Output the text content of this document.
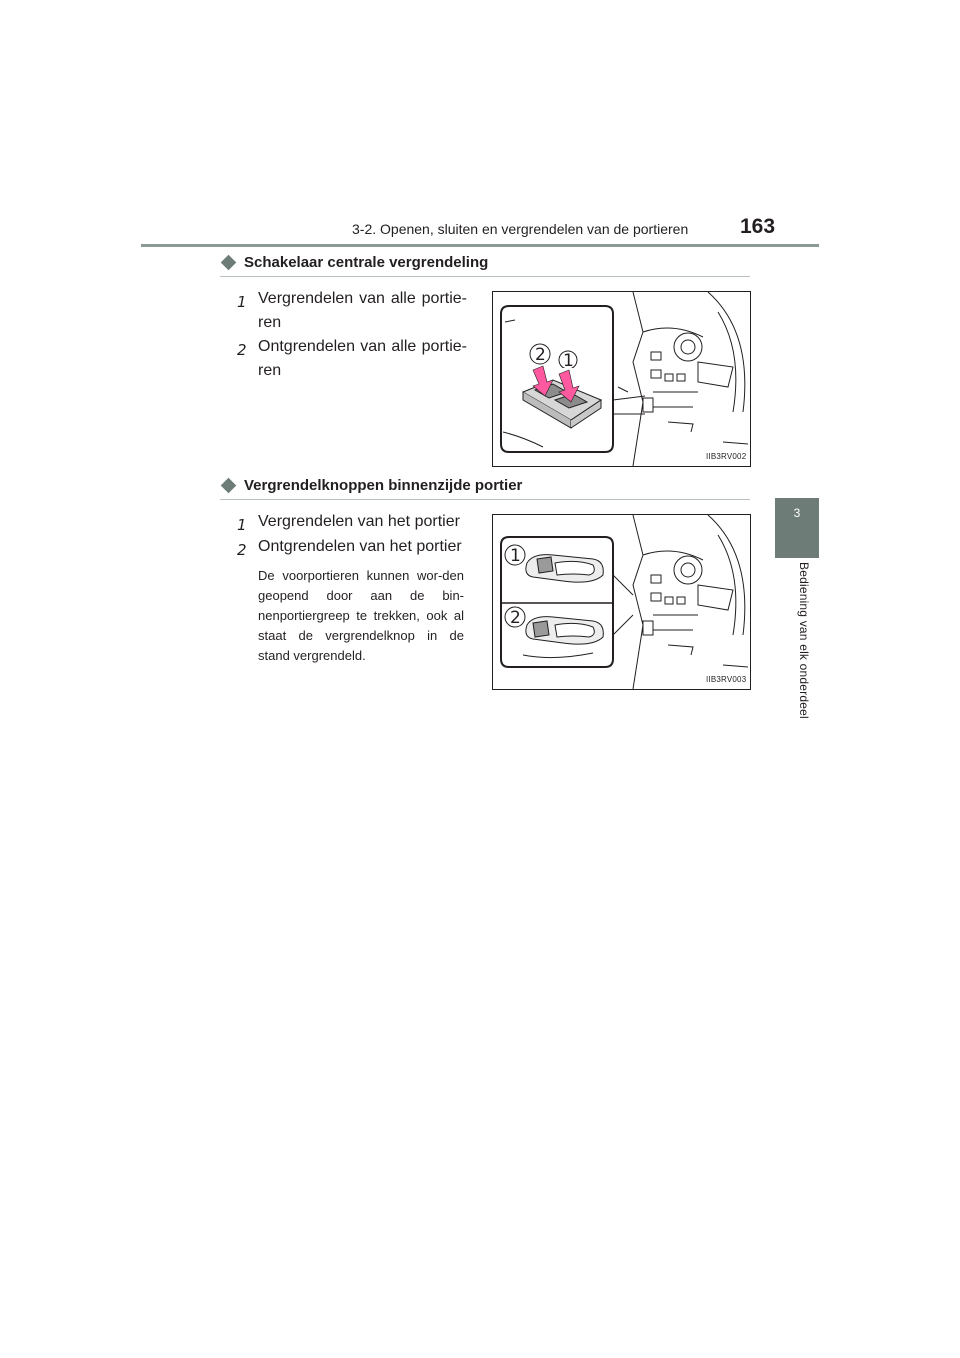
3-2. Openen, sluiten en vergrendelen van de portieren 163
3
Bediening van elk onderdeel
Schakelaar centrale vergrendeling
1 Vergrendelen van alle portie-ren
2 Ontgrendelen van alle portie-ren
2 1
IIB3RV002
Vergrendelknoppen binnenzijde portier
1 Vergrendelen van het portier
2 Ontgrendelen van het portier
De voorportieren kunnen wor-den geopend door aan de bin-nenportiergreep te trekken, ook al staat de vergrendelknop in de stand vergrendeld.
1
2
IIB3RV003
